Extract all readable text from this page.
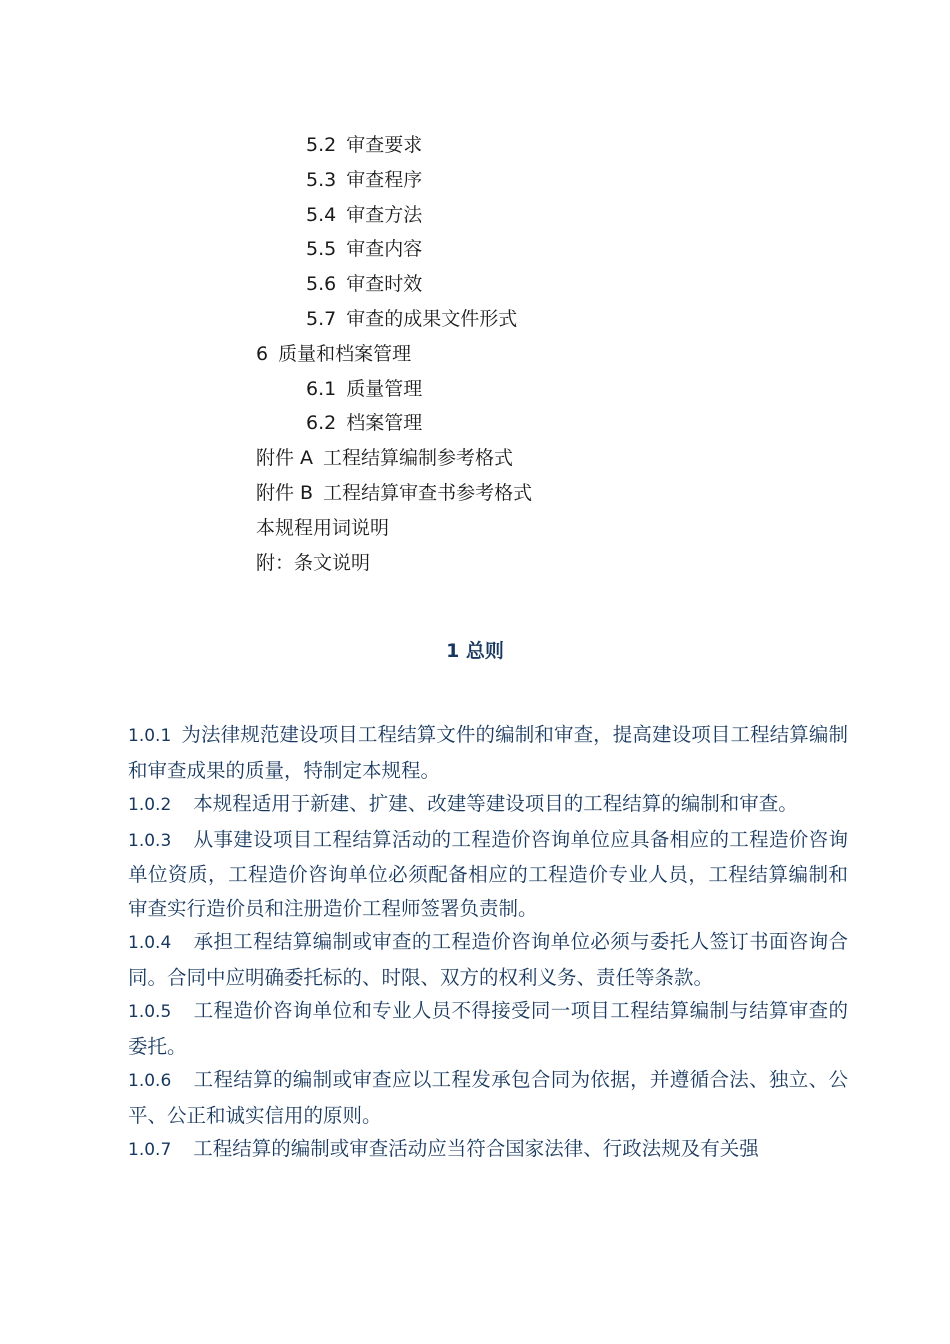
5.2 审查要求
5.3 审查程序
5.4 审查方法
5.5 审查内容
5.6 审查时效
5.7 审查的成果文件形式
6 质量和档案管理
6.1 质量管理
6.2 档案管理
附件 A 工程结算编制参考格式
附件 B 工程结算审查书参考格式
本规程用词说明
附：条文说明
1 总则
1.0.1 为法律规范建设项目工程结算文件的编制和审查，提高建设项目工程结算编制和审查成果的质量，特制定本规程。
1.0.2 本规程适用于新建、扩建、改建等建设项目的工程结算的编制和审查。
1.0.3 从事建设项目工程结算活动的工程造价咨询单位应具备相应的工程造价咨询单位资质，工程造价咨询单位必须配备相应的工程造价专业人员，工程结算编制和审查实行造价员和注册造价工程师签署负责制。
1.0.4 承担工程结算编制或审查的工程造价咨询单位必须与委托人签订书面咨询合同。合同中应明确委托标的、时限、双方的权利义务、责任等条款。
1.0.5 工程造价咨询单位和专业人员不得接受同一项目工程结算编制与结算审查的委托。
1.0.6 工程结算的编制或审查应以工程发承包合同为依据，并遵循合法、独立、公平、公正和诚实信用的原则。
1.0.7 工程结算的编制或审查活动应当符合国家法律、行政法规及有关强
